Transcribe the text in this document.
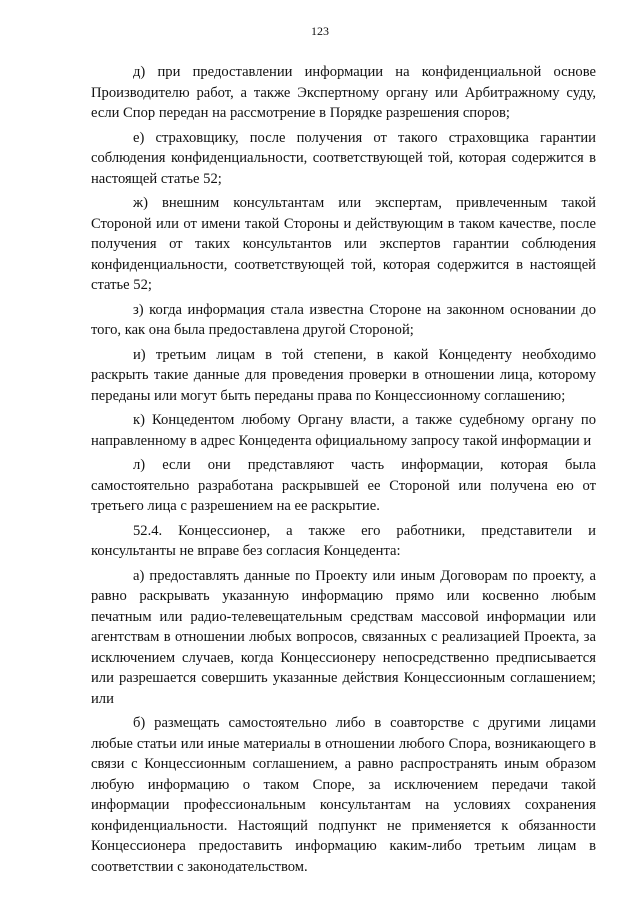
123

д) при предоставлении информации на конфиденциальной основе Производителю работ, а также Экспертному органу или Арбитражному суду, если Спор передан на рассмотрение в Порядке разрешения споров;

е) страховщику, после получения от такого страховщика гарантии соблюдения конфиденциальности, соответствующей той, которая содержится в настоящей статье 52;

ж) внешним консультантам или экспертам, привлеченным такой Стороной или от имени такой Стороны и действующим в таком качестве, после получения от таких консультантов или экспертов гарантии соблюдения конфиденциальности, соответствующей той, которая содержится в настоящей статье 52;

з) когда информация стала известна Стороне на законном основании до того, как она была предоставлена другой Стороной;

и) третьим лицам в той степени, в какой Концеденту необходимо раскрыть такие данные для проведения проверки в отношении лица, которому переданы или могут быть переданы права по Концессионному соглашению;

к) Концедентом любому Органу власти, а также судебному органу по направленному в адрес Концедента официальному запросу такой информации и

л) если они представляют часть информации, которая была самостоятельно разработана раскрывшей ее Стороной или получена ею от третьего лица с разрешением на ее раскрытие.

52.4. Концессионер, а также его работники, представители и консультанты не вправе без согласия Концедента:

а) предоставлять данные по Проекту или иным Договорам по проекту, а равно раскрывать указанную информацию прямо или косвенно любым печатным или радио-телевещательным средствам массовой информации или агентствам в отношении любых вопросов, связанных с реализацией Проекта, за исключением случаев, когда Концессионеру непосредственно предписывается или разрешается совершить указанные действия Концессионным соглашением; или

б) размещать самостоятельно либо в соавторстве с другими лицами любые статьи или иные материалы в отношении любого Спора, возникающего в связи с Концессионным соглашением, а равно распространять иным образом любую информацию о таком Споре, за исключением передачи такой информации профессиональным консультантам на условиях сохранения конфиденциальности. Настоящий подпункт не применяется к обязанности Концессионера предоставить информацию каким-либо третьим лицам в соответствии с законодательством.
